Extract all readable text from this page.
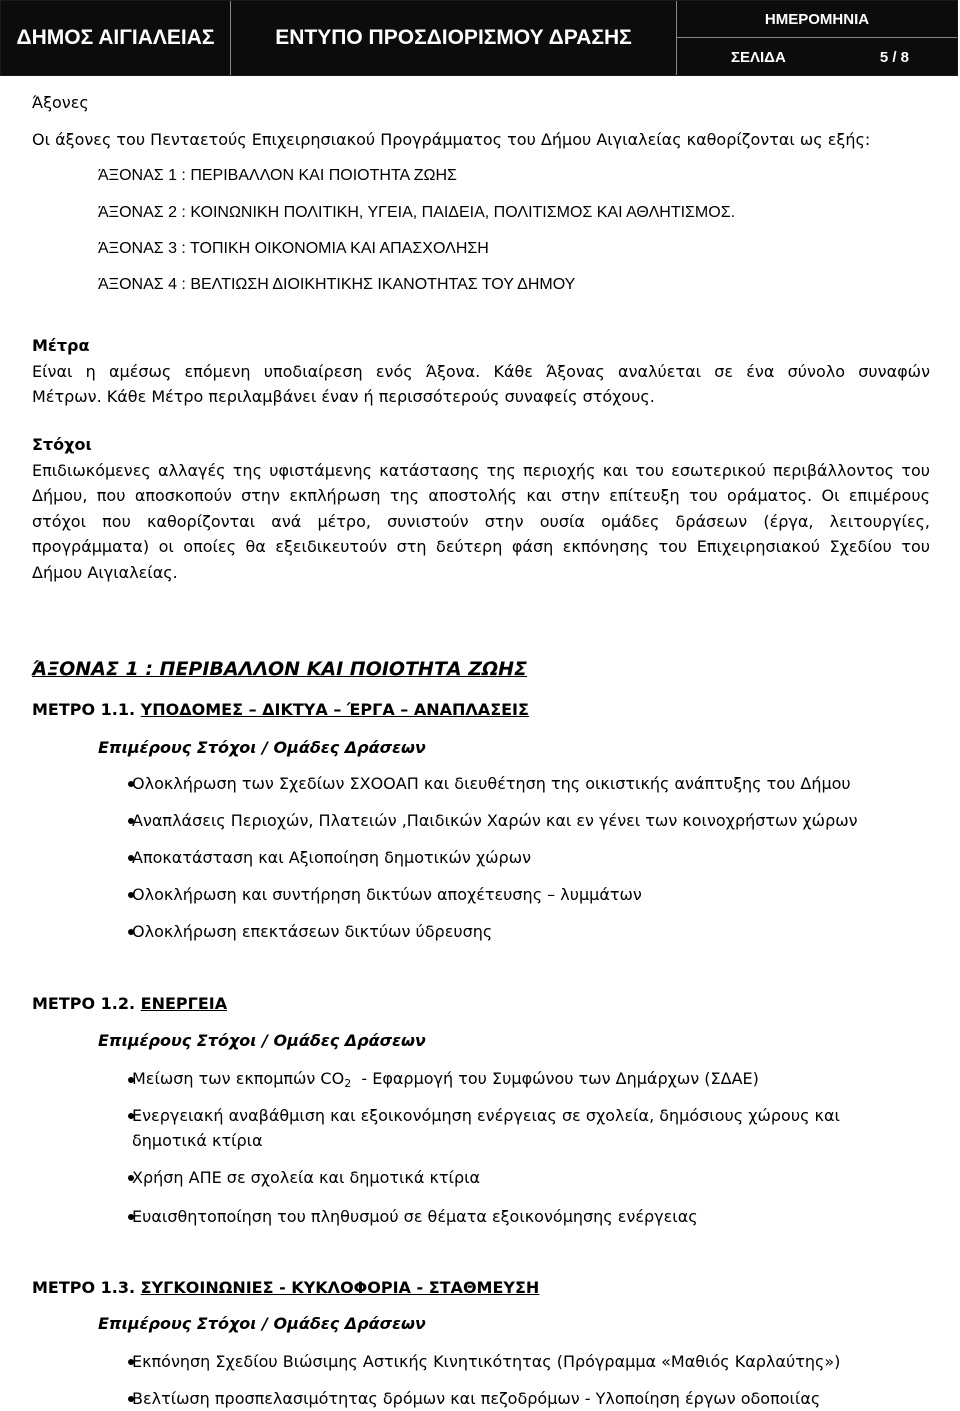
ΔΗΜΟΣ ΑΙΓΙΑΛΕΙΑΣ	ΕΝΤΥΠΟ ΠΡΟΣΔΙΟΡΙΣΜΟΥ ΔΡΑΣΗΣ
ΗΜΕΡΟΜΗΝΙΑ
ΣΕΛΙΔΑ	5 / 8
Άξονες
Οι άξονες του Πενταετούς Επιχειρησιακού Προγράμματος του Δήμου Αιγιαλείας καθορίζονται ως εξής:
ΆΞΟΝΑΣ 1 : ΠΕΡΙΒΑΛΛΟΝ ΚΑΙ ΠΟΙΟΤΗΤΑ ΖΩΗΣ
ΆΞΟΝΑΣ 2 : ΚΟΙΝΩΝΙΚΗ ΠΟΛΙΤΙΚΗ, ΥΓΕΙΑ, ΠΑΙΔΕΙΑ, ΠΟΛΙΤΙΣΜΟΣ ΚΑΙ ΑΘΛΗΤΙΣΜΟΣ.
ΆΞΟΝΑΣ 3 : ΤΟΠΙΚΗ ΟΙΚΟΝΟΜΙΑ ΚΑΙ ΑΠΑΣΧΟΛΗΣΗ
ΆΞΟΝΑΣ 4 : ΒΕΛΤΙΩΣΗ ΔΙΟΙΚΗΤΙΚΗΣ ΙΚΑΝΟΤΗΤΑΣ ΤΟΥ ΔΗΜΟΥ
Μέτρα
Είναι η αμέσως επόμενη υποδιαίρεση ενός Άξονα. Κάθε Άξονας αναλύεται σε ένα σύνολο συναφών
Μέτρων. Κάθε Μέτρο περιλαμβάνει έναν ή περισσότερούς συναφείς στόχους.
Στόχοι
Επιδιωκόμενες αλλαγές της υφιστάμενης κατάστασης της περιοχής και του εσωτερικού περιβάλλοντος του
Δήμου, που αποσκοπούν στην εκπλήρωση της αποστολής και στην επίτευξη του οράματος. Οι επιμέρους
στόχοι που καθορίζονται ανά μέτρο, συνιστούν στην ουσία ομάδες δράσεων (έργα, λειτουργίες,
προγράμματα) οι οποίες θα εξειδικευτούν στη δεύτερη φάση εκπόνησης του Επιχειρησιακού Σχεδίου του
Δήμου Αιγιαλείας.
ΆΞΟΝΑΣ 1 : ΠΕΡΙΒΑΛΛΟΝ ΚΑΙ ΠΟΙΟΤΗΤΑ ΖΩΗΣ
ΜΕΤΡΟ 1.1. ΥΠΟΔΟΜΕΣ – ΔΙΚΤΥΑ – ΈΡΓΑ – ΑΝΑΠΛΑΣΕΙΣ
Επιμέρους Στόχοι / Ομάδες Δράσεων
Ολοκλήρωση των Σχεδίων ΣΧΟΟΑΠ και διευθέτηση της οικιστικής ανάπτυξης του Δήμου
Αναπλάσεις Περιοχών, Πλατειών ,Παιδικών Χαρών και εν γένει των κοινοχρήστων χώρων
Αποκατάσταση και Αξιοποίηση δημοτικών χώρων
Ολοκλήρωση και συντήρηση δικτύων αποχέτευσης – λυμμάτων
Ολοκλήρωση επεκτάσεων δικτύων ύδρευσης
ΜΕΤΡΟ 1.2. ΕΝΕΡΓΕΙΑ
Επιμέρους Στόχοι / Ομάδες Δράσεων
Μείωση των εκπομπών $CO_2$  - Εφαρμογή του Συμφώνου των Δημάρχων (ΣΔΑΕ)
Ενεργειακή αναβάθμιση και εξοικονόμηση ενέργειας σε σχολεία, δημόσιους χώρους και
δημοτικά κτίρια
Χρήση ΑΠΕ σε σχολεία και δημοτικά κτίρια
Ευαισθητοποίηση του πληθυσμού σε θέματα εξοικονόμησης ενέργειας
ΜΕΤΡΟ 1.3. ΣΥΓΚΟΙΝΩΝΙΕΣ - ΚΥΚΛΟΦΟΡΙΑ - ΣΤΑΘΜΕΥΣΗ
Επιμέρους Στόχοι / Ομάδες Δράσεων
Εκπόνηση Σχεδίου Βιώσιμης Αστικής Κινητικότητας (Πρόγραμμα «Μαθιός Καρλαύτης»)
Βελτίωση προσπελασιμότητας δρόμων και πεζοδρόμων - Υλοποίηση έργων οδοποιίας
